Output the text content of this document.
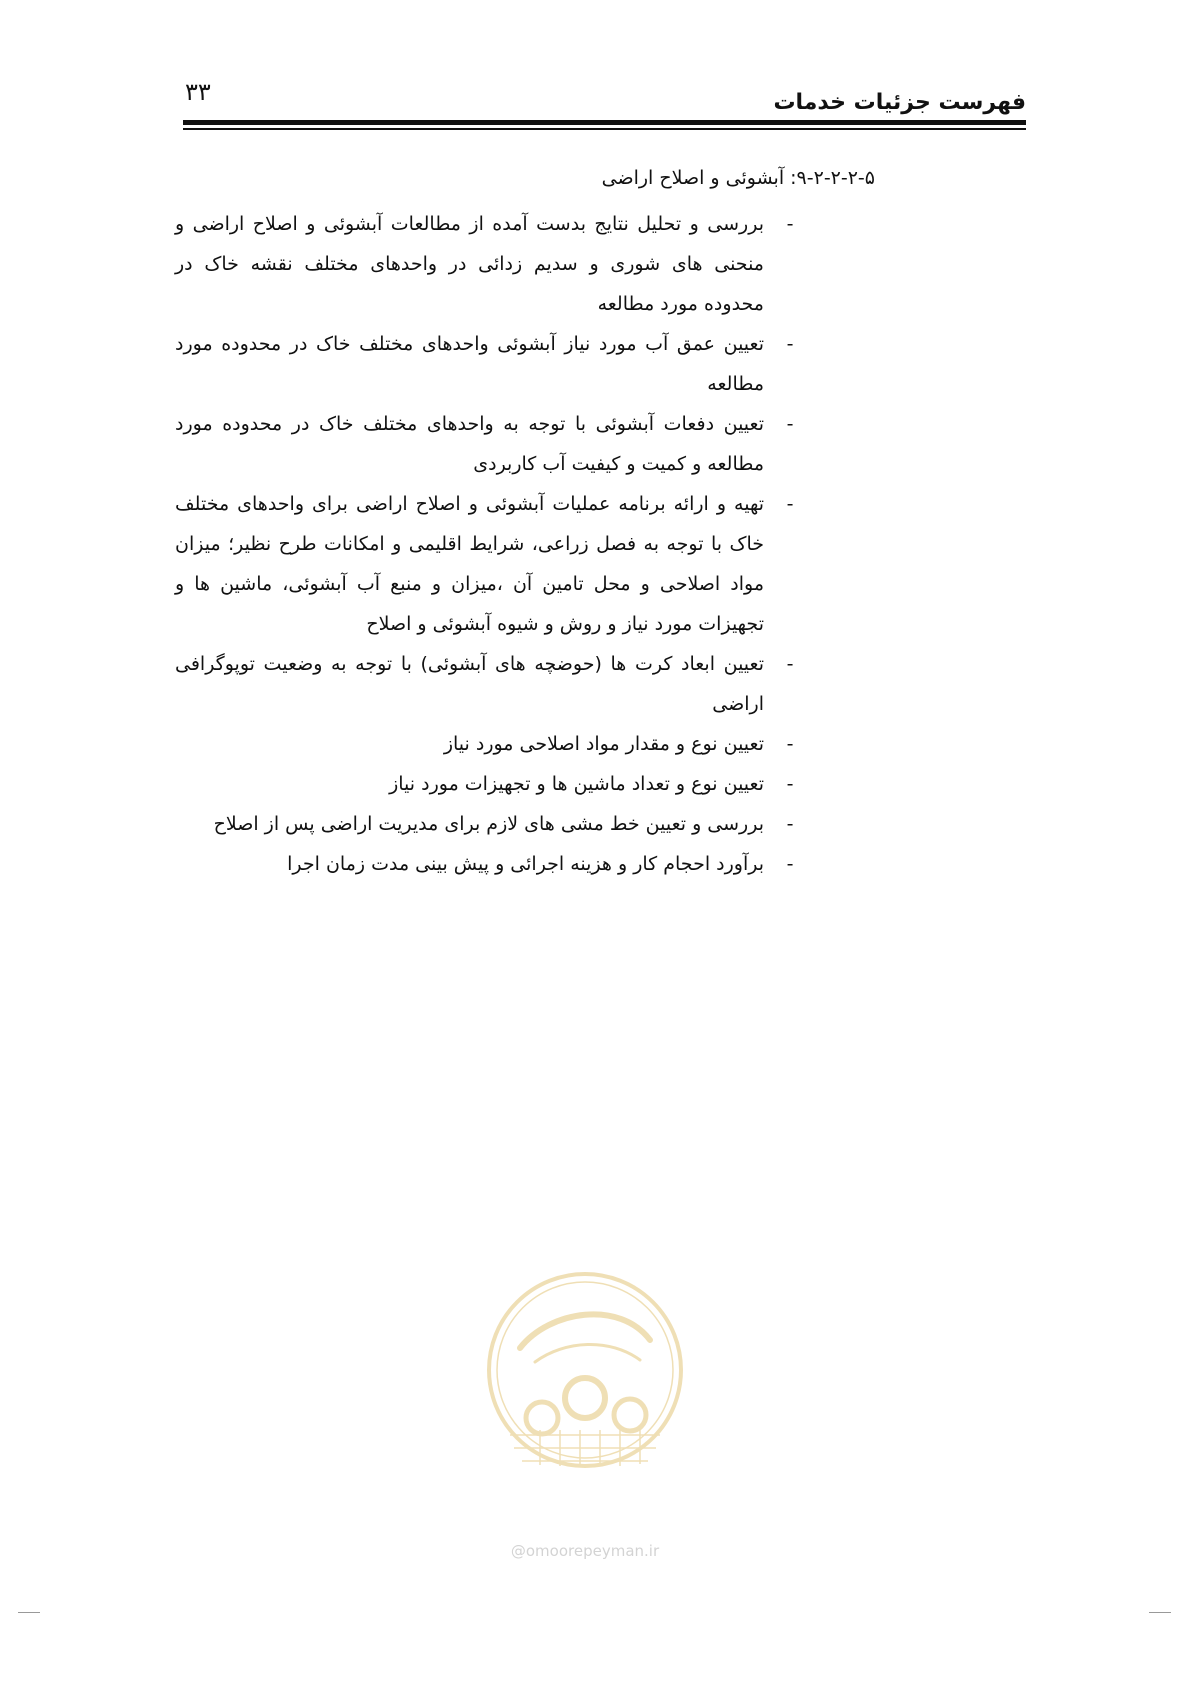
۳۳	فهرست جزئیات خدمات
۹-۲-۲-۲-۵: آبشوئی و اصلاح اراضی
-
بررسی و تحلیل نتایج بدست آمده از مطالعات آبشوئی و اصلاح اراضی و منحنی های شوری و سدیم زدائی در واحدهای مختلف نقشه خاک در محدوده مورد مطالعه
-
تعیین عمق آب مورد نیاز آبشوئی واحدهای مختلف خاک در محدوده مورد مطالعه
-
تعیین دفعات آبشوئی با توجه به واحدهای مختلف خاک در محدوده مورد مطالعه و کمیت و کیفیت آب کاربردی
-
تهیه و ارائه برنامه عملیات آبشوئی و اصلاح اراضی برای واحدهای مختلف خاک با توجه به فصل زراعی، شرایط اقلیمی و امکانات طرح نظیر؛ میزان مواد اصلاحی و محل تامین آن ،میزان و منبع آب آبشوئی، ماشین ها و تجهیزات مورد نیاز و روش و شیوه آبشوئی و اصلاح
-
تعیین ابعاد کرت ها (حوضچه های آبشوئی) با توجه به وضعیت توپوگرافی اراضی
-
تعیین نوع و مقدار مواد اصلاحی مورد نیاز
-
تعیین نوع و تعداد ماشین ها و تجهیزات مورد نیاز
-
بررسی و تعیین خط مشی های لازم برای مدیریت اراضی پس از اصلاح
-
برآورد احجام کار و هزینه اجرائی و پیش بینی مدت زمان اجرا
@omoorepeyman.ir
